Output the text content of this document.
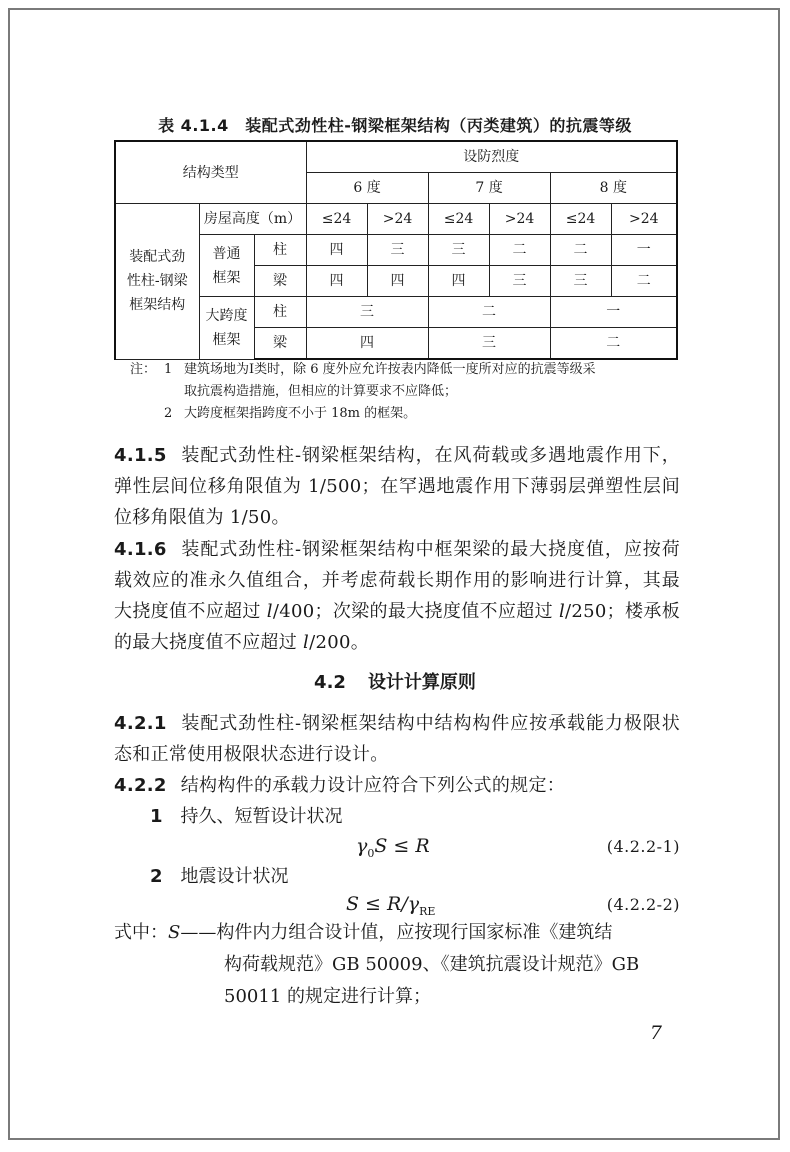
表 4.1.4　装配式劲性柱-钢梁框架结构（丙类建筑）的抗震等级
结构类型			设防烈度					
			6 度		7 度		8 度	

装配式劲
性柱-钢梁
框架结构	房屋高度（m）		≤24	>24	≤24	>24	≤24	>24

	普通
框架	柱	四	三	三	二	二	一
		梁	四	四	四	三	三	二

	大跨度
框架	柱	三		二		一	
		梁	四		三		二	
注： 1 建筑场地为Ⅰ类时，除 6 度外应允许按表内降低一度所对应的抗震等级采
取抗震构造措施，但相应的计算要求不应降低；
2 大跨度框架指跨度不小于 18m 的框架。
4.1.5 装配式劲性柱-钢梁框架结构，在风荷载或多遇地震作用下，弹性层间位移角限值为 1/500；在罕遇地震作用下薄弱层弹塑性层间位移角限值为 1/50。
4.1.6 装配式劲性柱-钢梁框架结构中框架梁的最大挠度值，应按荷载效应的准永久值组合，并考虑荷载长期作用的影响进行计算，其最大挠度值不应超过 l/400；次梁的最大挠度值不应超过 l/250；楼承板的最大挠度值不应超过 l/200。
4.2 设计计算原则
4.2.1 装配式劲性柱-钢梁框架结构中结构构件应按承载能力极限状态和正常使用极限状态进行设计。
4.2.2 结构构件的承载力设计应符合下列公式的规定：
1 持久、短暂设计状况
$\gamma_0S \le R$	(4.2.2-1)
2 地震设计状况
$S \le R/\gamma_{RE}$	(4.2.2-2)
式中：S——构件内力组合设计值，应按现行国家标准《建筑结
构荷载规范》GB 50009、《建筑抗震设计规范》GB
50011 的规定进行计算；
7
